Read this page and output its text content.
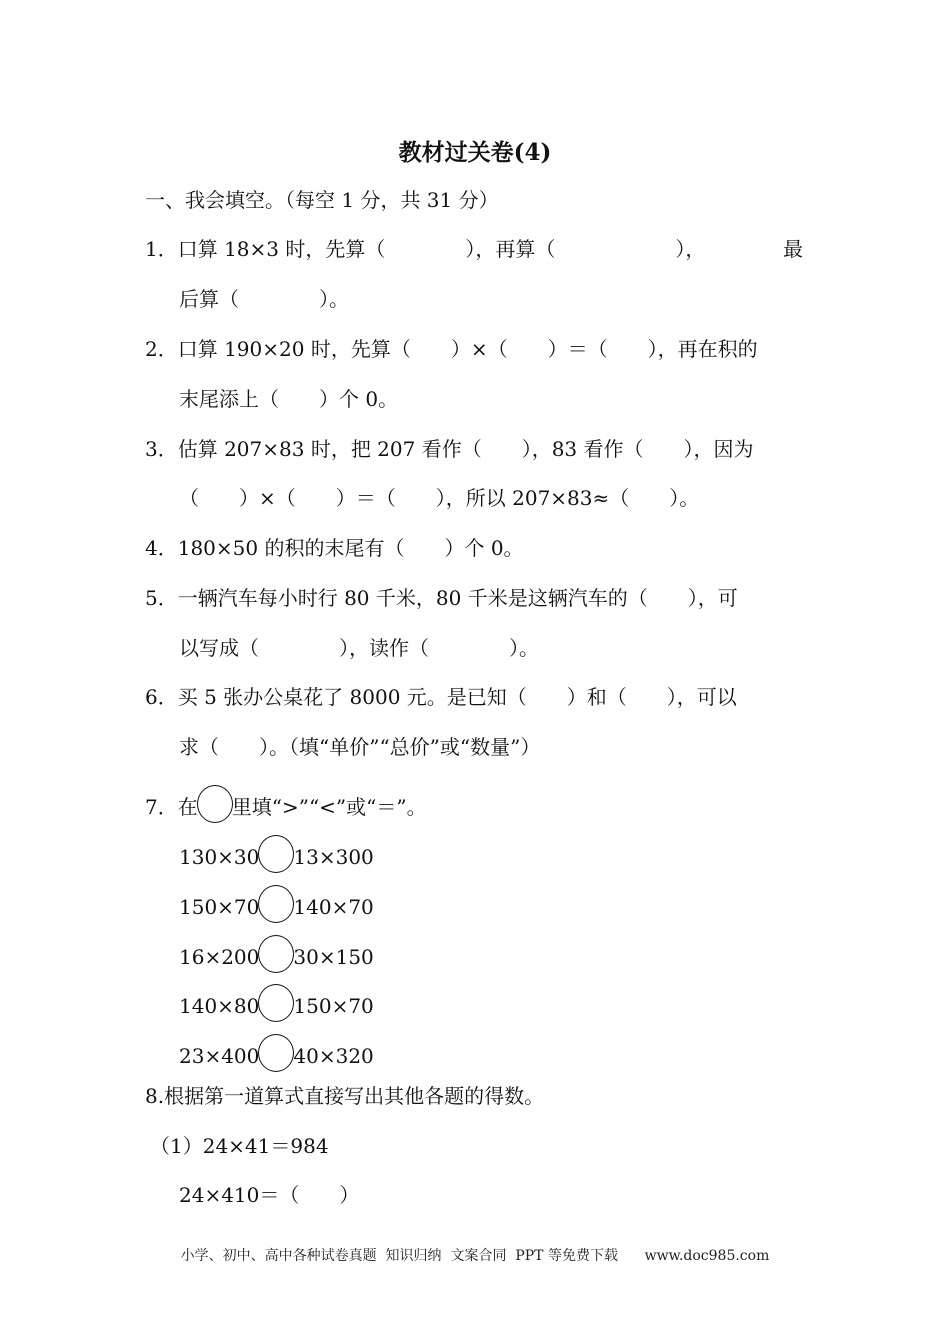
教材过关卷(4)
一、我会填空。（每空 1 分，共 31 分）
1．口算 18×3 时，先算（　　　　），再算（　　　　　　），	最
后算（　　　　）。
2．口算 190×20 时，先算（　　）×（　　）＝（　　），再在积的
末尾添上（　　）个 0。
3．估算 207×83 时，把 207 看作（　　），83 看作（　　），因为
（　　）×（　　）＝（　　），所以 207×83≈（　　）。
4．180×50 的积的末尾有（　　）个 0。
5．一辆汽车每小时行 80 千米，80 千米是这辆汽车的（　　），可
以写成（　　　　），读作（　　　　）。
6．买 5 张办公桌花了 8000 元。是已知（　　）和（　　），可以
求（　　）。（填“单价”“总价”或“数量”）
7．在 里填“>”“<”或“＝”。
130×30 13×300
150×70 140×70
16×200 30×150
140×80 150×70
23×400 40×320
8.根据第一道算式直接写出其他各题的得数。
（1）24×41＝984
24×410＝（　　）
小学、初中、高中各种试卷真题  知识归纳  文案合同  PPT 等免费下载      www.doc985.com
